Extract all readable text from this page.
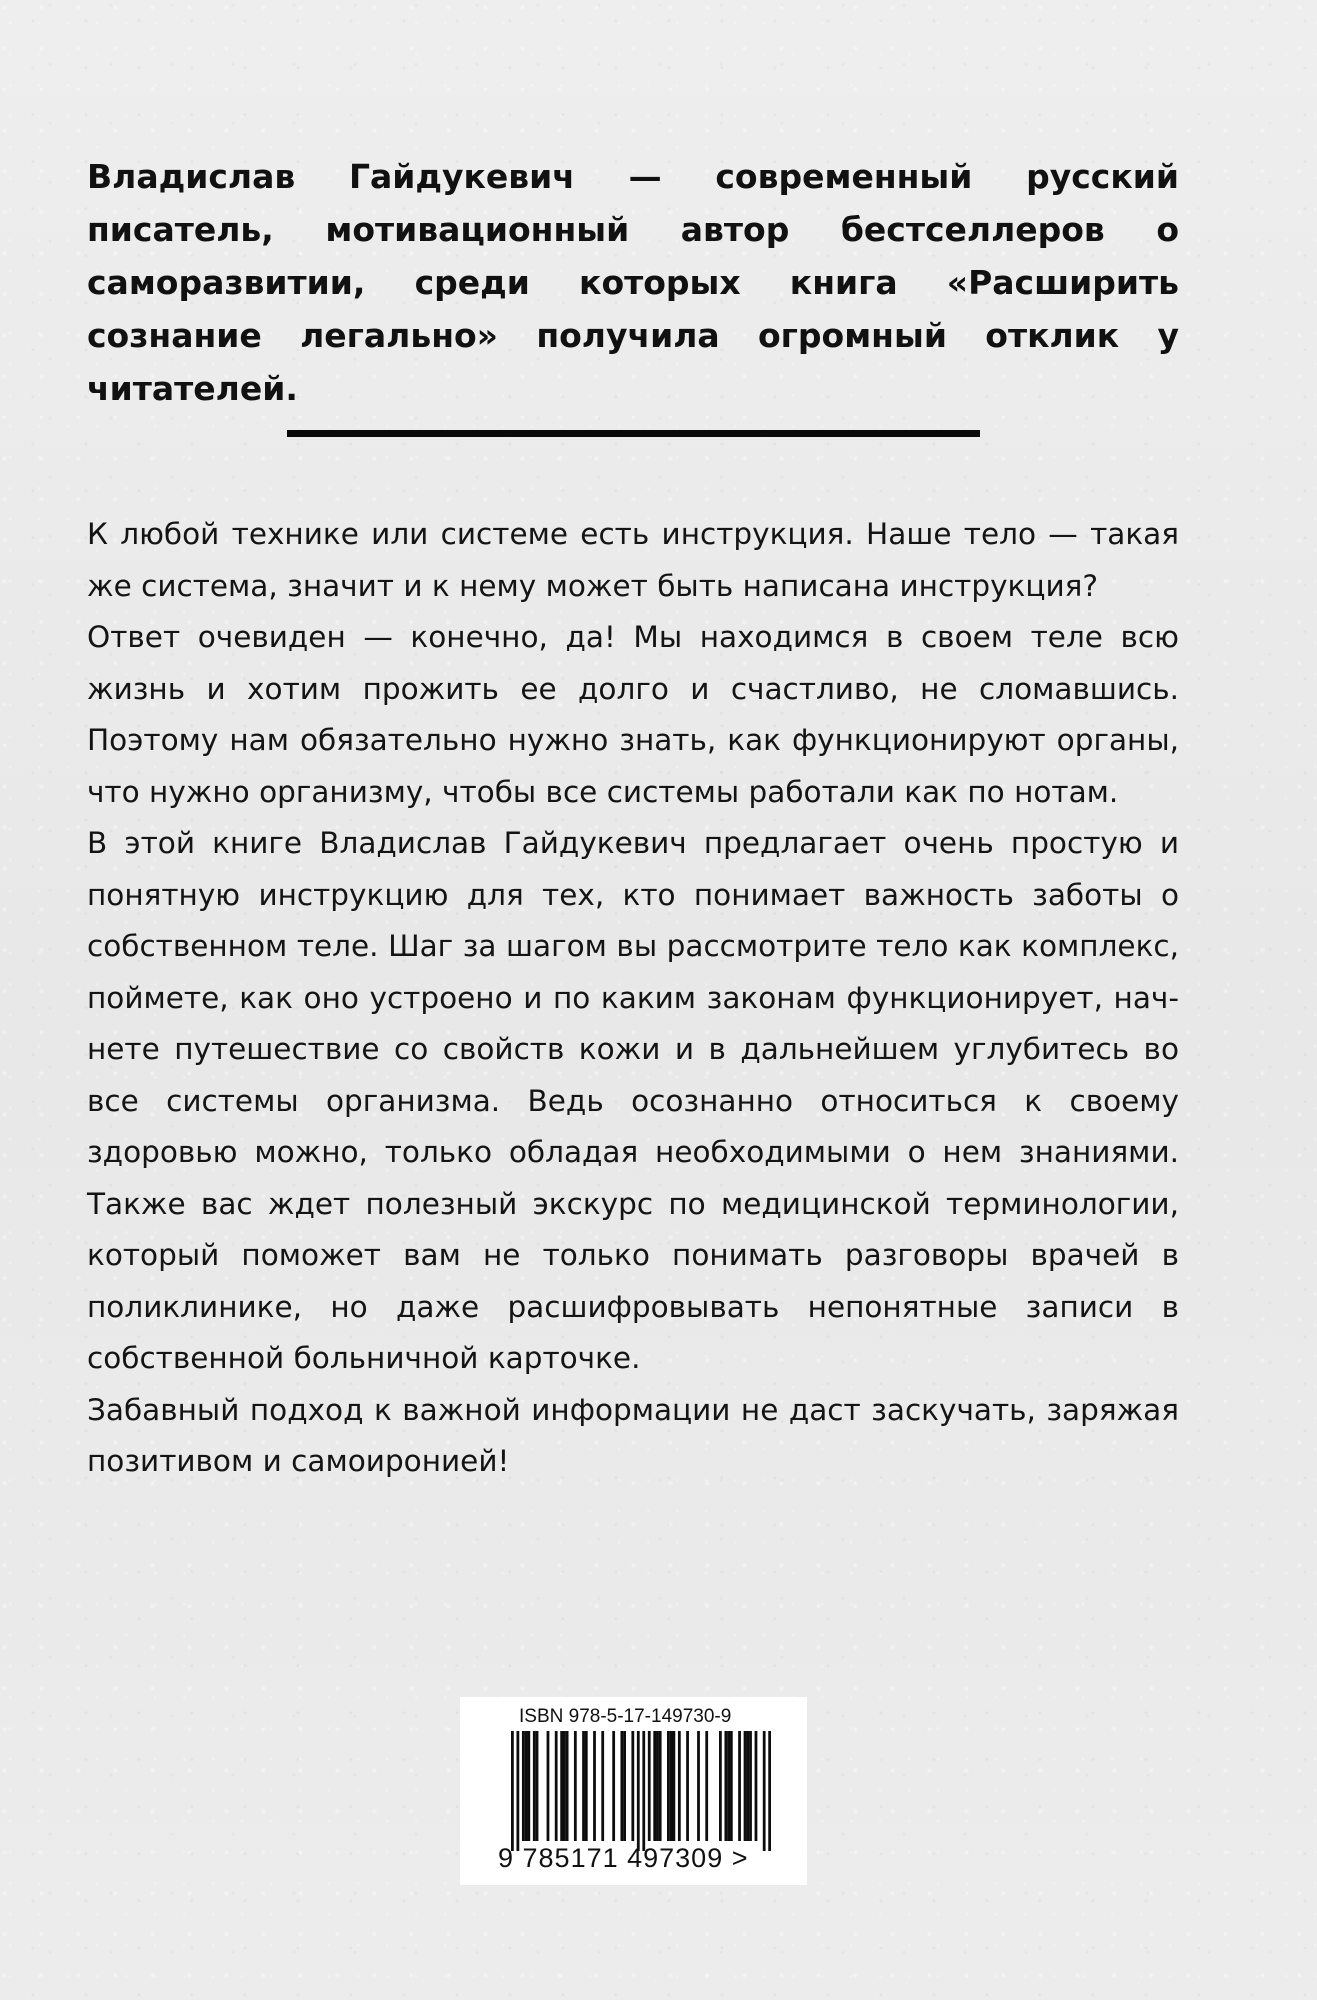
Владислав Гайдукевич — современный русский писатель, мотивационный автор бестселлеров о саморазвитии, среди которых книга «Расширить сознание легально» получила огромный отклик у читателей.

К любой технике или системе есть инструкция. Наше тело — такая же система, значит и к нему может быть написана инструкция?

Ответ очевиден — конечно, да! Мы находимся в своем теле всю жизнь и хотим прожить ее долго и счастливо, не сломавшись. Поэтому нам обязательно нужно знать, как функционируют органы, что нужно организму, чтобы все системы работали как по нотам.

В этой книге Владислав Гайдукевич предлагает очень простую и понятную инструкцию для тех, кто понимает важность заботы о собственном теле. Шаг за шагом вы рассмотрите тело как комплекс, поймете, как оно устроено и по каким законам функционирует, начнете путешествие со свойств кожи и в дальнейшем углубитесь во все системы организма. Ведь осознанно относиться к своему здоровью можно, только обладая необходимыми о нем знаниями. Также вас ждет полезный экскурс по медицинской терминологии, который поможет вам не только понимать разговоры врачей в поликлинике, но даже расшифровывать непонятные записи в собственной больничной карточке.

Забавный подход к важной информации не даст заскучать, заряжая позитивом и самоиронией!

ISBN 978-5-17-149730-9
9 785171 497309 >
